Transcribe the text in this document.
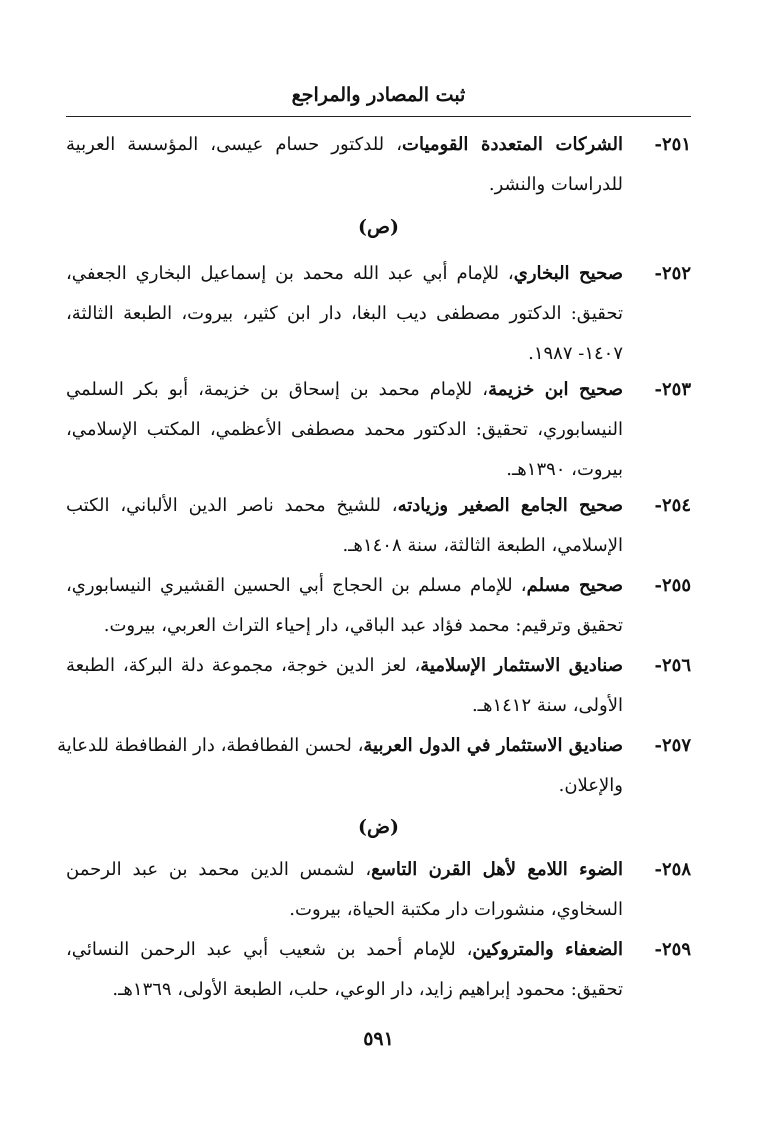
ثبت المصادر والمراجع
٢٥١-
الشركات المتعددة القوميات، للدكتور حسام عيسى، المؤسسة العربية
للدراسات والنشر.
(ص)
٢٥٢-
صحيح البخاري، للإمام أبي عبد الله محمد بن إسماعيل البخاري الجعفي،
تحقيق: الدكتور مصطفى ديب البغا، دار ابن كثير، بيروت، الطبعة الثالثة،
١٤٠٧- ١٩٨٧.
٢٥٣-
صحيح ابن خزيمة، للإمام محمد بن إسحاق بن خزيمة، أبو بكر السلمي
النيسابوري، تحقيق: الدكتور محمد مصطفى الأعظمي، المكتب الإسلامي،
بيروت، ١٣٩٠هـ.
٢٥٤-
صحيح الجامع الصغير وزيادته، للشيخ محمد ناصر الدين الألباني، الكتب
الإسلامي، الطبعة الثالثة، سنة ١٤٠٨هـ.
٢٥٥-
صحيح مسلم، للإمام مسلم بن الحجاج أبي الحسين القشيري النيسابوري،
تحقيق وترقيم: محمد فؤاد عبد الباقي، دار إحياء التراث العربي، بيروت.
٢٥٦-
صناديق الاستثمار الإسلامية، لعز الدين خوجة، مجموعة دلة البركة، الطبعة
الأولى، سنة ١٤١٢هـ.
٢٥٧-
صناديق الاستثمار في الدول العربية، لحسن الفطافطة، دار الفطافطة للدعاية
والإعلان.
(ض)
٢٥٨-
الضوء اللامع لأهل القرن التاسع، لشمس الدين محمد بن عبد الرحمن
السخاوي، منشورات دار مكتبة الحياة، بيروت.
٢٥٩-
الضعفاء والمتروكين، للإمام أحمد بن شعيب أبي عبد الرحمن النسائي،
تحقيق: محمود إبراهيم زايد، دار الوعي، حلب، الطبعة الأولى، ١٣٦٩هـ.
٥٩١
